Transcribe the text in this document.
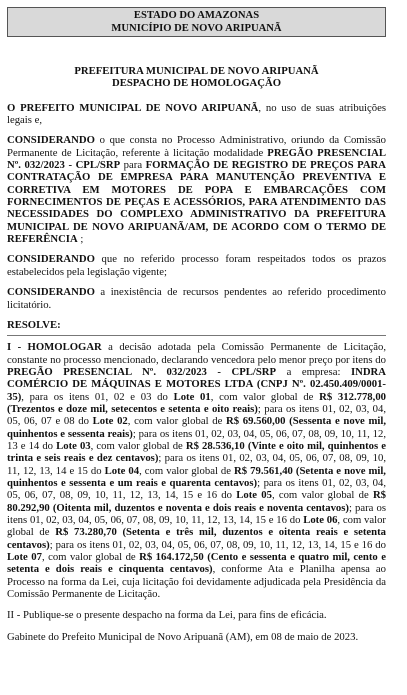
ESTADO DO AMAZONAS
MUNICÍPIO DE NOVO ARIPUANÃ
PREFEITURA MUNICIPAL DE NOVO ARIPUANÃ
DESPACHO DE HOMOLOGAÇÃO

O PREFEITO MUNICIPAL DE NOVO ARIPUANÃ, no uso de suas atribuições legais e,

CONSIDERANDO o que consta no Processo Administrativo, oriundo da Comissão Permanente de Licitação, referente à licitação modalidade PREGÃO PRESENCIAL Nº. 032/2023 - CPL/SRP para FORMAÇÃO DE REGISTRO DE PREÇOS PARA CONTRATAÇÃO DE EMPRESA PARA MANUTENÇÃO PREVENTIVA E CORRETIVA EM MOTORES DE POPA E EMBARCAÇÕES COM FORNECIMENTOS DE PEÇAS E ACESSÓRIOS, PARA ATENDIMENTO DAS NECESSIDADES DO COMPLEXO ADMINISTRATIVO DA PREFEITURA MUNICIPAL DE NOVO ARIPUANÃ/AM, DE ACORDO COM O TERMO DE REFERÊNCIA ;

CONSIDERANDO que no referido processo foram respeitados todos os prazos estabelecidos pela legislação vigente;

CONSIDERANDO a inexistência de recursos pendentes ao referido procedimento licitatório.

RESOLVE:

I - HOMOLOGAR a decisão adotada pela Comissão Permanente de Licitação, constante no processo mencionado, declarando vencedora pelo menor preço por itens do PREGÃO PRESENCIAL Nº. 032/2023 - CPL/SRP a empresa: INDRA COMÉRCIO DE MÁQUINAS E MOTORES LTDA (CNPJ Nº. 02.450.409/0001-35), para os itens 01, 02 e 03 do Lote 01, com valor global de R$ 312.778,00 (Trezentos e doze mil, setecentos e setenta e oito reais); para os itens 01, 02, 03, 04, 05, 06, 07 e 08 do Lote 02, com valor global de R$ 69.560,00 (Sessenta e nove mil, quinhentos e sessenta reais); para os itens 01, 02, 03, 04, 05, 06, 07, 08, 09, 10, 11, 12, 13 e 14 do Lote 03, com valor global de R$ 28.536,10 (Vinte e oito mil, quinhentos e trinta e seis reais e dez centavos); para os itens 01, 02, 03, 04, 05, 06, 07, 08, 09, 10, 11, 12, 13, 14 e 15 do Lote 04, com valor global de R$ 79.561,40 (Setenta e nove mil, quinhentos e sessenta e um reais e quarenta centavos); para os itens 01, 02, 03, 04, 05, 06, 07, 08, 09, 10, 11, 12, 13, 14, 15 e 16 do Lote 05, com valor global de R$ 80.292,90 (Oitenta mil, duzentos e noventa e dois reais e noventa centavos); para os itens 01, 02, 03, 04, 05, 06, 07, 08, 09, 10, 11, 12, 13, 14, 15 e 16 do Lote 06, com valor global de R$ 73.280,70 (Setenta e três mil, duzentos e oitenta reais e setenta centavos); para os itens 01, 02, 03, 04, 05, 06, 07, 08, 09, 10, 11, 12, 13, 14, 15 e 16 do Lote 07, com valor global de R$ 164.172,50 (Cento e sessenta e quatro mil, cento e setenta e dois reais e cinquenta centavos), conforme Ata e Planilha apensa ao Processo na forma da Lei, cuja licitação foi devidamente adjudicada pela Presidência da Comissão Permanente de Licitação.

II - Publique-se o presente despacho na forma da Lei, para fins de eficácia.

Gabinete do Prefeito Municipal de Novo Aripuanã (AM), em 08 de maio de 2023.
